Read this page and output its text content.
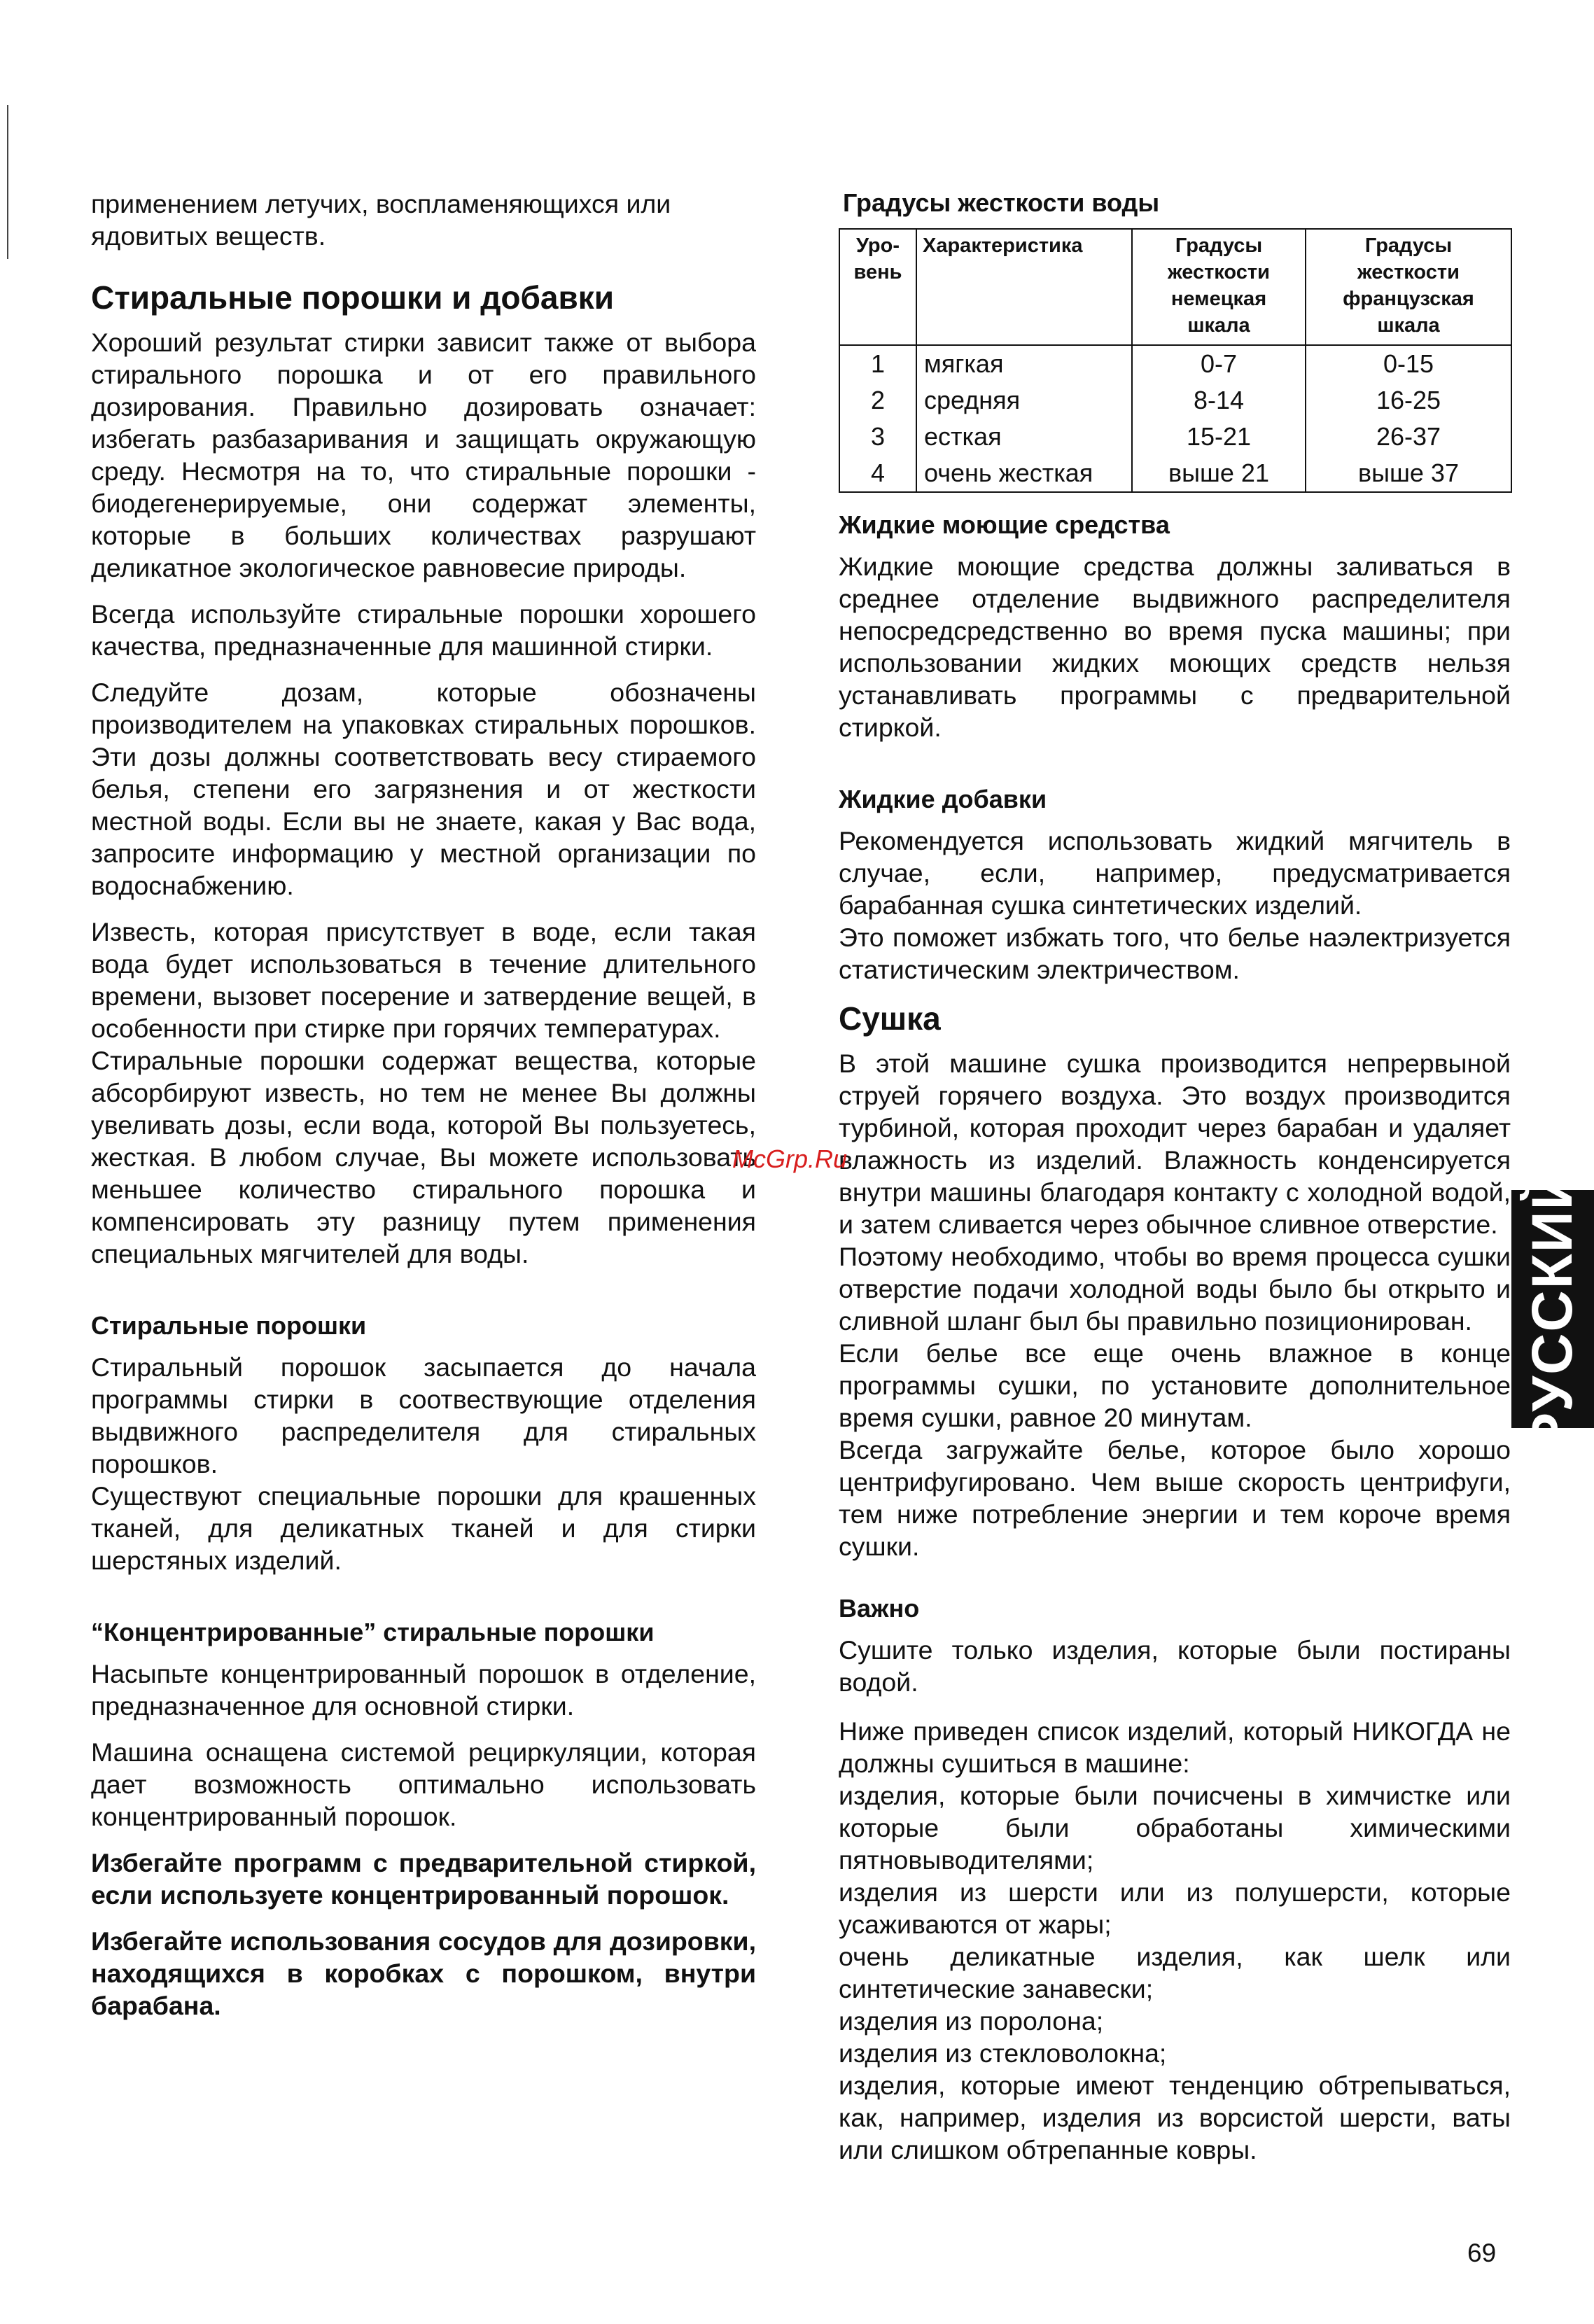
применением летучих, воспламеняющихся или

ядовитых веществ.

Стиральные порошки и добавки

Хороший результат стирки зависит также от выбора стирального порошка и от его правильного дозирования. Правильно дозировать означает: избегать разбазаривания и защищать окружающую среду. Несмотря на то, что стиральные порошки - биодегенерируемые, они содержат элементы, которые в больших количествах разрушают деликатное экологическое равновесие природы.

Всегда используйте стиральные порошки хорошего качества, предназначенные для машинной стирки.

Следуйте дозам, которые обозначены производителем на упаковках стиральных порошков. Эти дозы должны соответствовать весу стираемого белья, степени его загрязнения и от жесткости местной воды. Если вы не знаете, какая у Вас вода, запросите информацию у местной организации по водоснабжению.

Известь, которая присутствует в воде, если такая вода будет использоваться в течение длительного времени, вызовет посерение и затвердение вещей, в особенности при стирке при горячих температурах.

Стиральные порошки содержат вещества, которые абсорбируют известь, но тем не менее Вы должны увеливать дозы, если вода, которой Вы пользуетесь, жесткая. В любом случае, Вы можете использовать меньшее количество стирального порошка и компенсировать эту разницу путем применения специальных мягчителей для воды.

Стиральные порошки

Стиральный порошок засыпается до начала программы стирки в соотвествующие отделения выдвижного распределителя для стиральных порошков.

Существуют специальные порошки для крашенных тканей, для деликатных тканей и для стирки шерстяных изделий.

“Концентрированные” стиральные порошки

Насыпьте концентрированный порошок в отделение, предназначенное для основной стирки.

Машина оснащена системой рециркуляции, которая дает возможность оптимально использовать концентрированный порошок.

Избегайте программ с предварительной стиркой, если используете концентрированный порошок.

Избегайте использования сосудов для дозировки, находящихся в коробках с порошком, внутри барабана.

Градусы жесткости воды
Уро- вень	Характеристика	Градусы жесткости немецкая шкала	Градусы жесткости французская шкала
1	мягкая	0-7	0-15
2	средняя	8-14	16-25
3	есткая	15-21	26-37
4	очень жесткая	выше 21	выше 37
Жидкие моющие средства

Жидкие моющие средства должны заливаться в среднее отделение выдвижного распределителя непосредсредственно во время пуска машины; при использовании жидких моющих средств нельзя устанавливать программы с предварительной стиркой.

Жидкие добавки

Рекомендуется использовать жидкий мягчитель в случае, если, например, предусматривается барабанная сушка синтетических изделий.

Это поможет избжать того, что белье наэлектризуется статистическим электричеством.

Сушка

В этой машине сушка производится непрервыной струей горячего воздуха. Это воздух производится турбиной, которая проходит через барабан и удаляет влажность из изделий. Влажность конденсируется внутри машины благодаря контакту с холодной водой, и затем сливается через обычное сливное отверстие.

Поэтому необходимо, чтобы во время процесса сушки отверстие подачи холодной воды было бы открыто и сливной шланг был бы правильно позиционирован.

Если белье все еще очень влажное в конце программы сушки, по установите дополнительное время сушки, равное 20 минутам.

Всегда загружайте белье, которое было хорошо центрифугировано. Чем выше скорость центрифуги, тем ниже потребление энергии и тем короче время сушки.

Важно

Сушите только изделия, которые были постираны водой.

Ниже приведен список изделий, который НИКОГДА не должны сушиться в машине:

изделия, которые были почисчены в химчистке или которые были обработаны химическими пятновыводителями;

изделия из шерсти или из полушерсти, которые усаживаются от жары;

очень деликатные изделия, как шелк или синтетические занавески;

изделия из поролона;

изделия из стекловолокна;

изделия, которые имеют тенденцию обтрепываться, как, например, изделия из ворсистой шерсти, ваты или слишком обтрепанные ковры.

McGrp.Ru
РУССКИЙ
69
